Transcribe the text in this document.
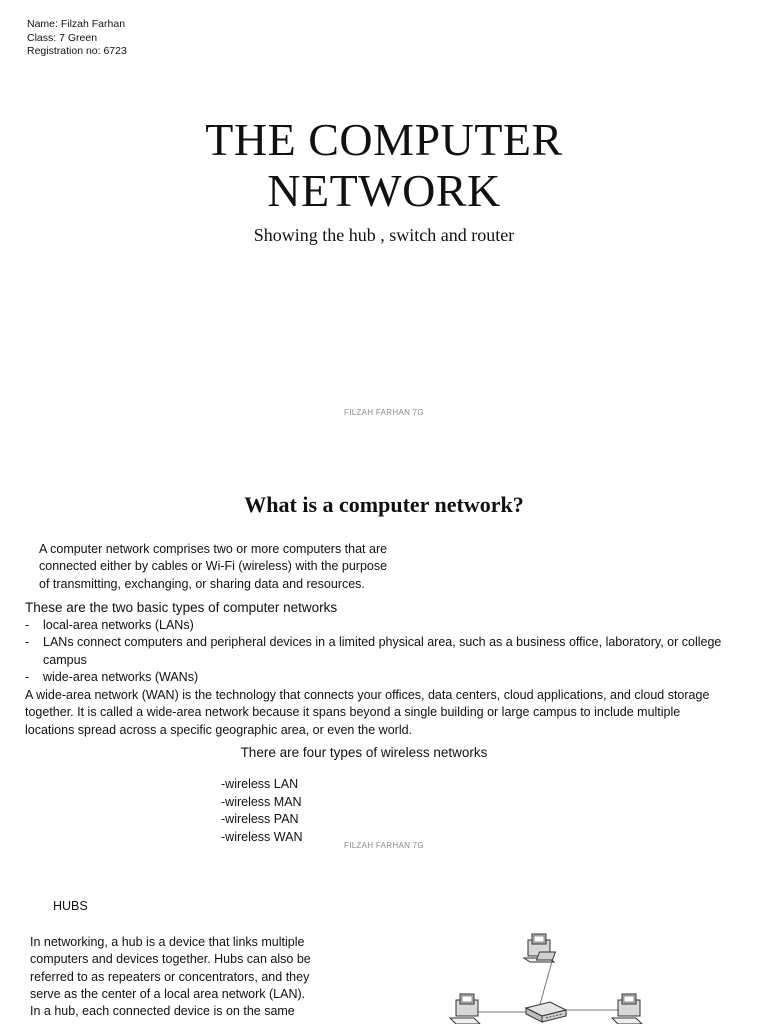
Name: Filzah Farhan
Class: 7 Green
Registration no: 6723
THE COMPUTER
NETWORK
Showing the hub , switch and router
FILZAH FARHAN 7G
What is a computer network?
A computer network comprises two or more computers that are
connected either by cables or Wi-Fi (wireless) with the purpose
of transmitting, exchanging, or sharing data and resources.
These are the two basic types of computer networks
- local-area networks (LANs)
- LANs connect computers and peripheral devices in a limited physical area, such as a business office, laboratory, or college campus
- wide-area networks (WANs)

A wide-area network (WAN) is the technology that connects your offices, data centers, cloud applications, and cloud storage together. It is called a wide-area network because it spans beyond a single building or large campus to include multiple locations spread across a specific geographic area, or even the world.

There are four types of wireless networks
-wireless LAN
-wireless MAN
-wireless PAN
-wireless WAN
FILZAH FARHAN 7G
HUBS
In networking, a hub is a device that links multiple
computers and devices together. Hubs can also be
referred to as repeaters or concentrators, and they
serve as the center of a local area network (LAN).
In a hub, each connected device is on the same
